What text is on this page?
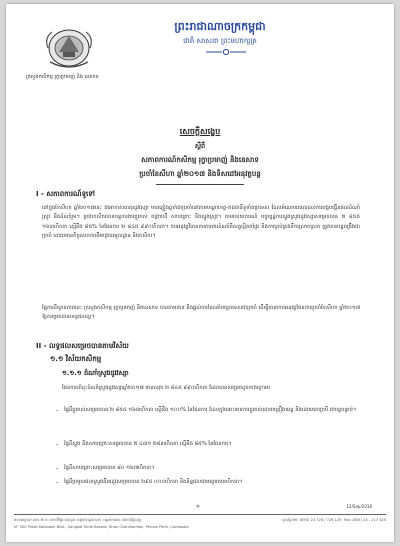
ក្រសួងកសិកម្ម រុក្ខាប្រមាញ់ និង នេសាទ
ព្រះរាជាណាចក្រកម្ពុជា
ជាតិ សាសនា ព្រះមហាក្សត្រ
សេចក្តីសង្ខេប
ស្តីពី
សភាពការណ៍កសិកម្ម រុក្ខាប្រមាញ់ និងនេសាទ
ប្រចាំខែសីហា ឆ្នាំ២០១៧ និងទិសដៅអនុវត្តបន្ត
I - សភាពការណ៍ទូទៅ
នៅក្នុងខែសីហា ឆ្នាំ២០១៧នេះ ជាអាកាសធាតុរដូវវស្សា មានភ្លៀងធ្លាក់ជាប្រចាំនៅតាមបណ្តាខេត្ត-រាជធានីទូទាំងប្រទេស ដែលអំណោយផលដល់ការបង្កបង្កើនផលដំណាំស្រូវ និងដំណាំរួម។ ប្រជាកសិករបានបន្តការងារភ្ជួររាស់ ពង្រាបដី សាបព្រោះ និងស្ទូងស្រូវ។ តាមរបាយការណ៍ បច្ចុប្បន្នការស្ទូងស្រូវរដូវវស្សាសម្រេចបាន ២ ៨៥៥ ១៦៣ហិកតា ស្មើនឹង ៨៥% នៃផែនការ ២ ៨៤៥ ៩៩០ហិកតា។ ការអនុវត្តវិធានការការពារដំណាំពីសត្វល្អិតចង្រៃ និងការគ្រប់គ្រងទឹកស្រោចស្រព ត្រូវបានបន្តពង្រឹងជាប្រចាំ ដោយមានកិច្ចសហការពីអាជ្ញាធរមូលដ្ឋាន និងកសិករ។
ផ្អែកលើស្ថានភាពនេះ ក្រសួងកសិកម្ម រុក្ខាប្រមាញ់ និងនេសាទ បានតាមដាន និងផ្តល់ការណែនាំបច្ចេកទេសជាប្រចាំ ដើម្បីធានាការអនុវត្តផែនការប្រចាំខែសីហា ឆ្នាំ២០១៧ ឱ្យសម្រេចបានលទ្ធផលល្អ។
II - លទ្ធផលសម្រេចបានតាមវិស័យ
១.១ វិស័យកសិកម្ម
១.១.១ ដំណាំស្រូវរដូវវស្សា
ផែនការដាំដុះដំណាំស្រូវរដូវវស្សាឆ្នាំ២០១៧ មានសរុប ២ ៨៤៥ ៩៩០ហិកតា ដែលបានសម្រេចដូចខាងក្រោម៖
- ផ្ទៃដីភ្ជួររាស់សម្រេចបាន ២ ៨៥៥ ១៦៣ហិកតា ស្មើនឹង ១០០% នៃផែនការ ដែលក្នុងនោះមានការភ្ជួររាស់ដោយគ្រឿងយន្ត និងដោយគោក្របី ជាបន្តបន្ទាប់។
- ផ្ទៃដីស្ទូង និងសាបព្រោះសម្រេចបាន ២ ៤៣១ ២៨៣ហិកតា ស្មើនឹង ៨៥% នៃផែនការ។
- ផ្ទៃដីសាបព្រោះសម្រេចបាន ៨០ ១៦៧ហិកតា។
- ផ្ទៃដីប្រមូលផលស្រូវដើមរដូវសម្រេចបាន ២៩៥ ០០០ហិកតា និងទិន្នផលជាមធ្យមតាមហិកតា។
១	12/Sep/2016
អាសយដ្ឋាន៖ លេខ ២០០ មហាវិថីព្រះនរោត្តម សង្កាត់ទន្លេបាសាក់ ខណ្ឌចំការមន រាជធានីភ្នំពេញ
N° 200 Preah Norodom Blvd., Sangkat Tonle Bassak, Khan Chamkarmon, Phnom Penh, Cambodia
ទូរស័ព្ទ/Tel: (855) 23 726 / 726 129, Fax: (855) 23 - 217 320
